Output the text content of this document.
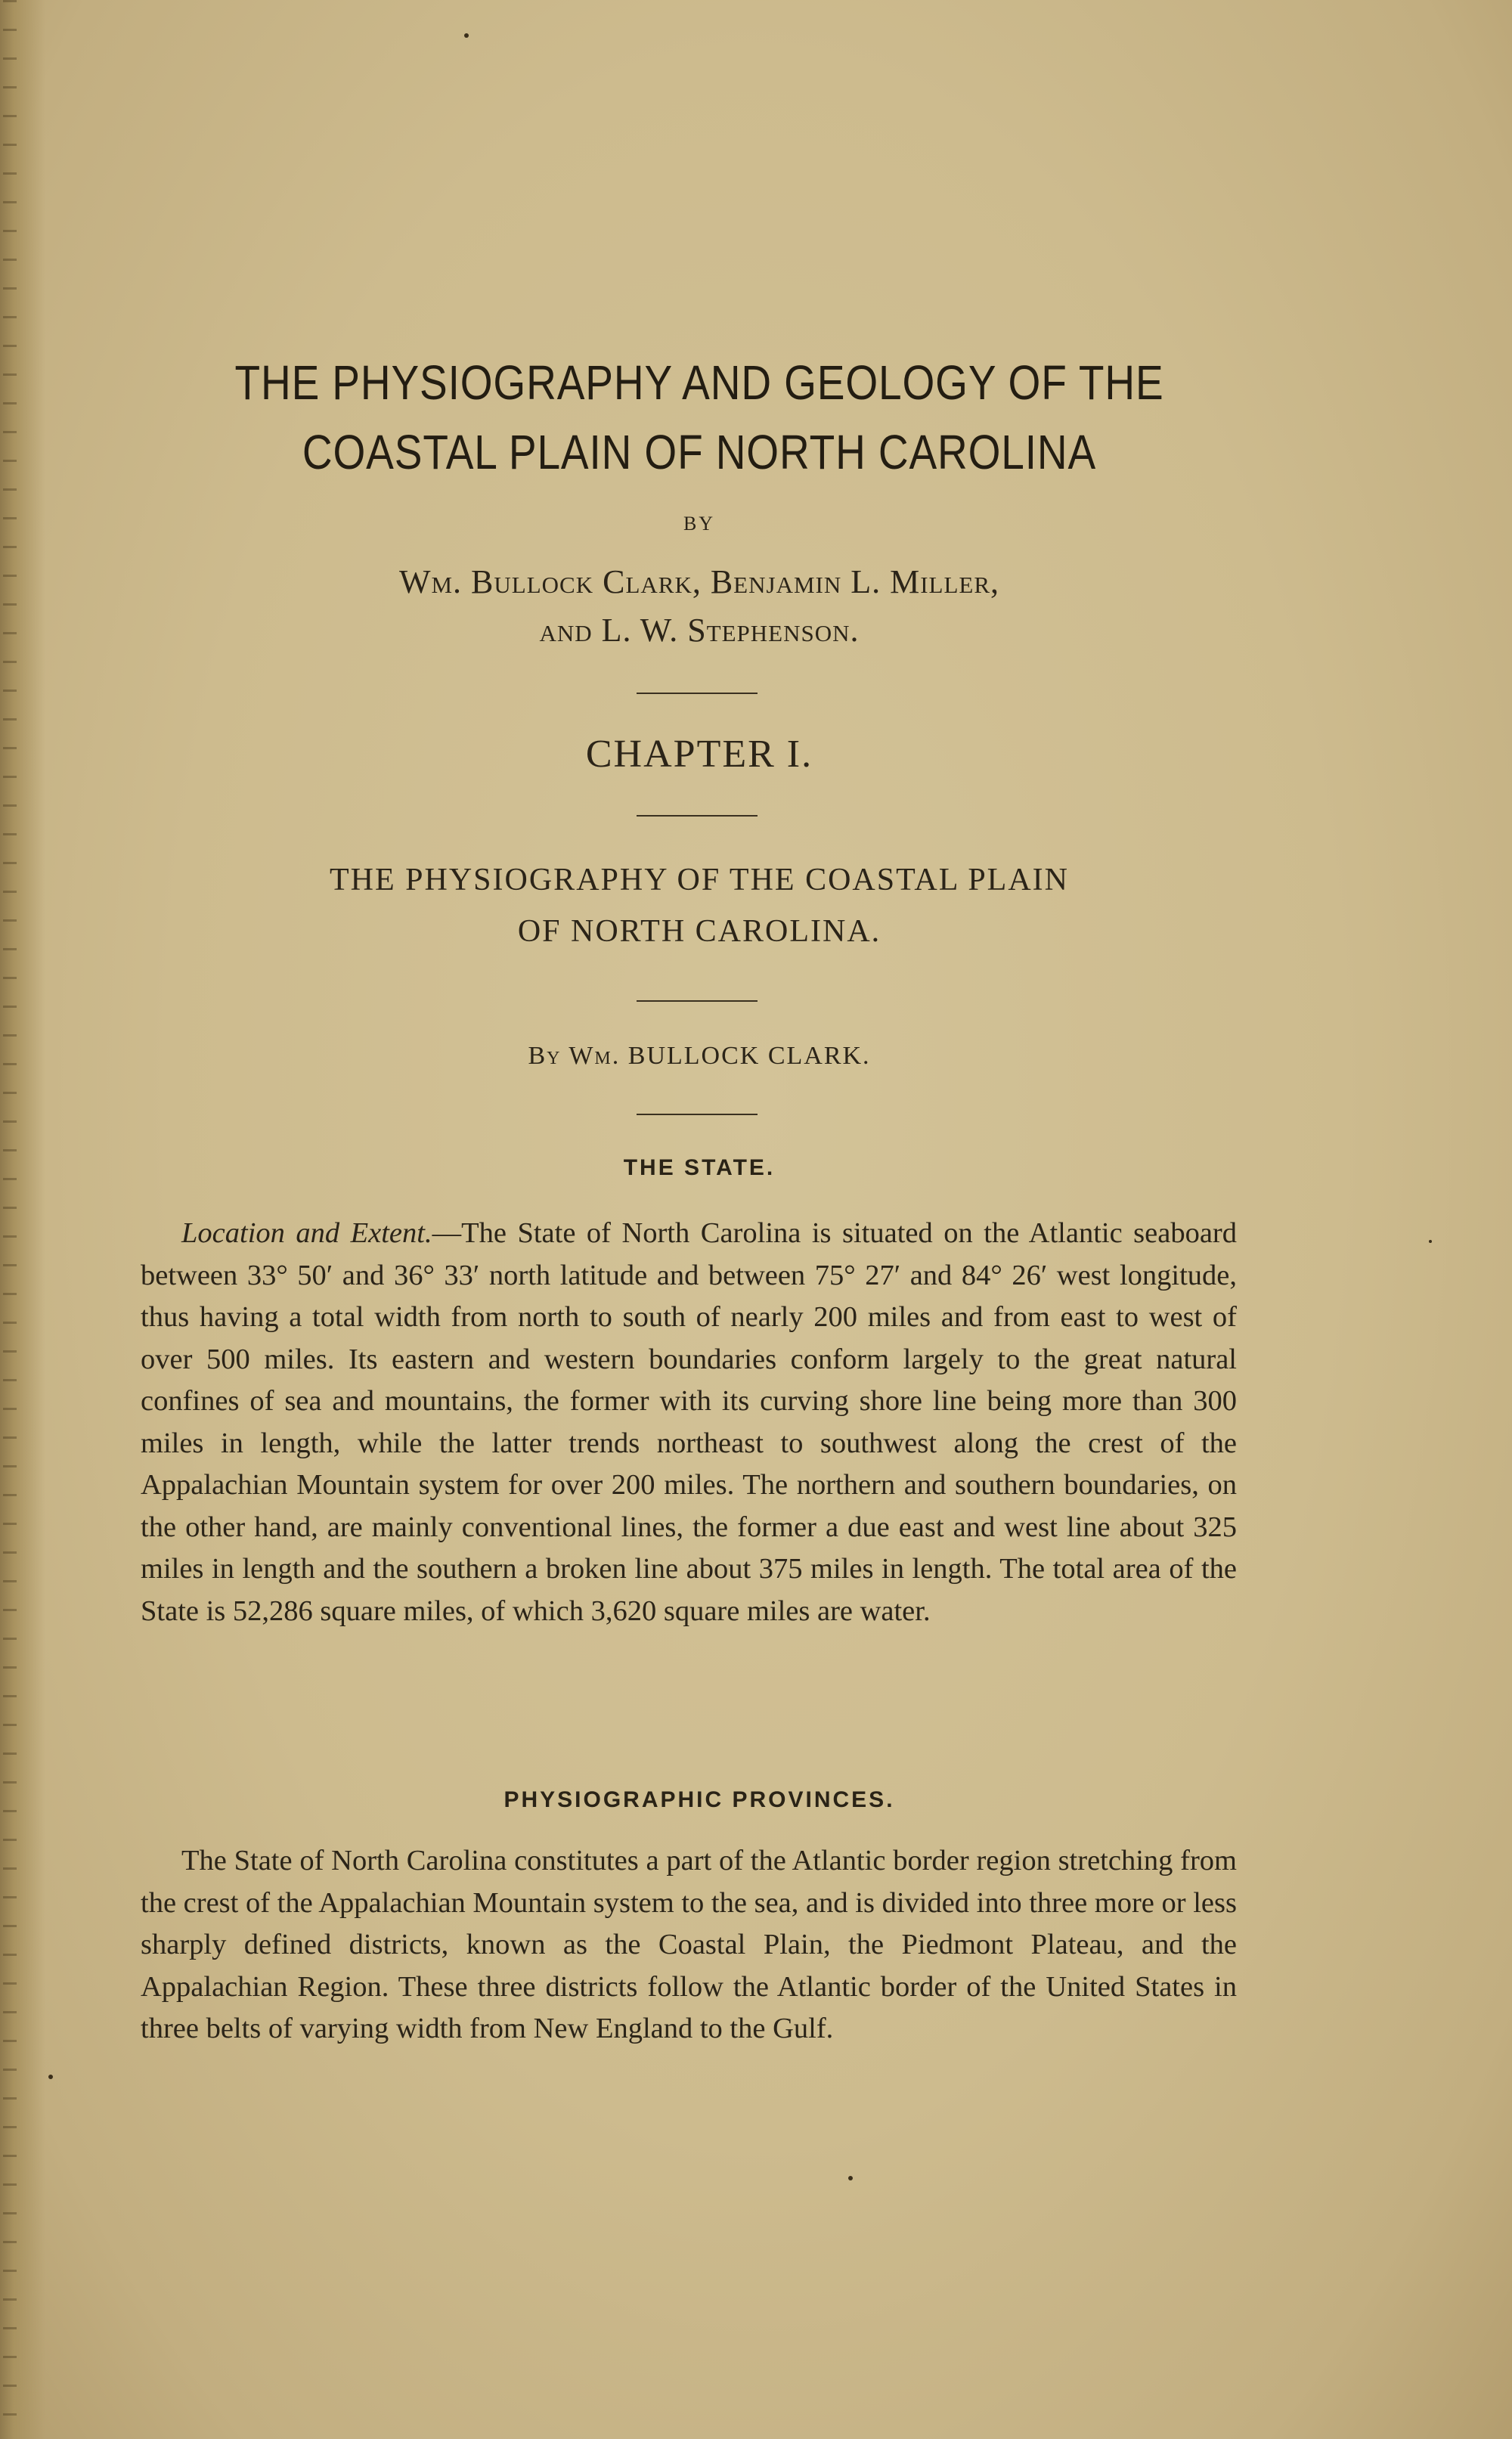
THE PHYSIOGRAPHY AND GEOLOGY OF THE
COASTAL PLAIN OF NORTH CAROLINA
BY
Wm. Bullock Clark, Benjamin L. Miller,
and L. W. Stephenson.
CHAPTER I.
THE PHYSIOGRAPHY OF THE COASTAL PLAIN
OF NORTH CAROLINA.
By Wm. BULLOCK CLARK.
THE STATE.

Location and Extent.—The State of North Carolina is situated on the Atlantic seaboard between 33° 50′ and 36° 33′ north latitude and between 75° 27′ and 84° 26′ west longitude, thus having a total width from north to south of nearly 200 miles and from east to west of over 500 miles. Its eastern and western boundaries conform largely to the great natural confines of sea and mountains, the former with its curving shore line being more than 300 miles in length, while the latter trends northeast to southwest along the crest of the Appalachian Mountain system for over 200 miles. The northern and southern boundaries, on the other hand, are mainly conventional lines, the former a due east and west line about 325 miles in length and the southern a broken line about 375 miles in length. The total area of the State is 52,286 square miles, of which 3,620 square miles are water.

PHYSIOGRAPHIC PROVINCES.

The State of North Carolina constitutes a part of the Atlantic border region stretching from the crest of the Appalachian Mountain system to the sea, and is divided into three more or less sharply defined districts, known as the Coastal Plain, the Piedmont Plateau, and the Appalachian Region. These three districts follow the Atlantic border of the United States in three belts of varying width from New England to the Gulf.
